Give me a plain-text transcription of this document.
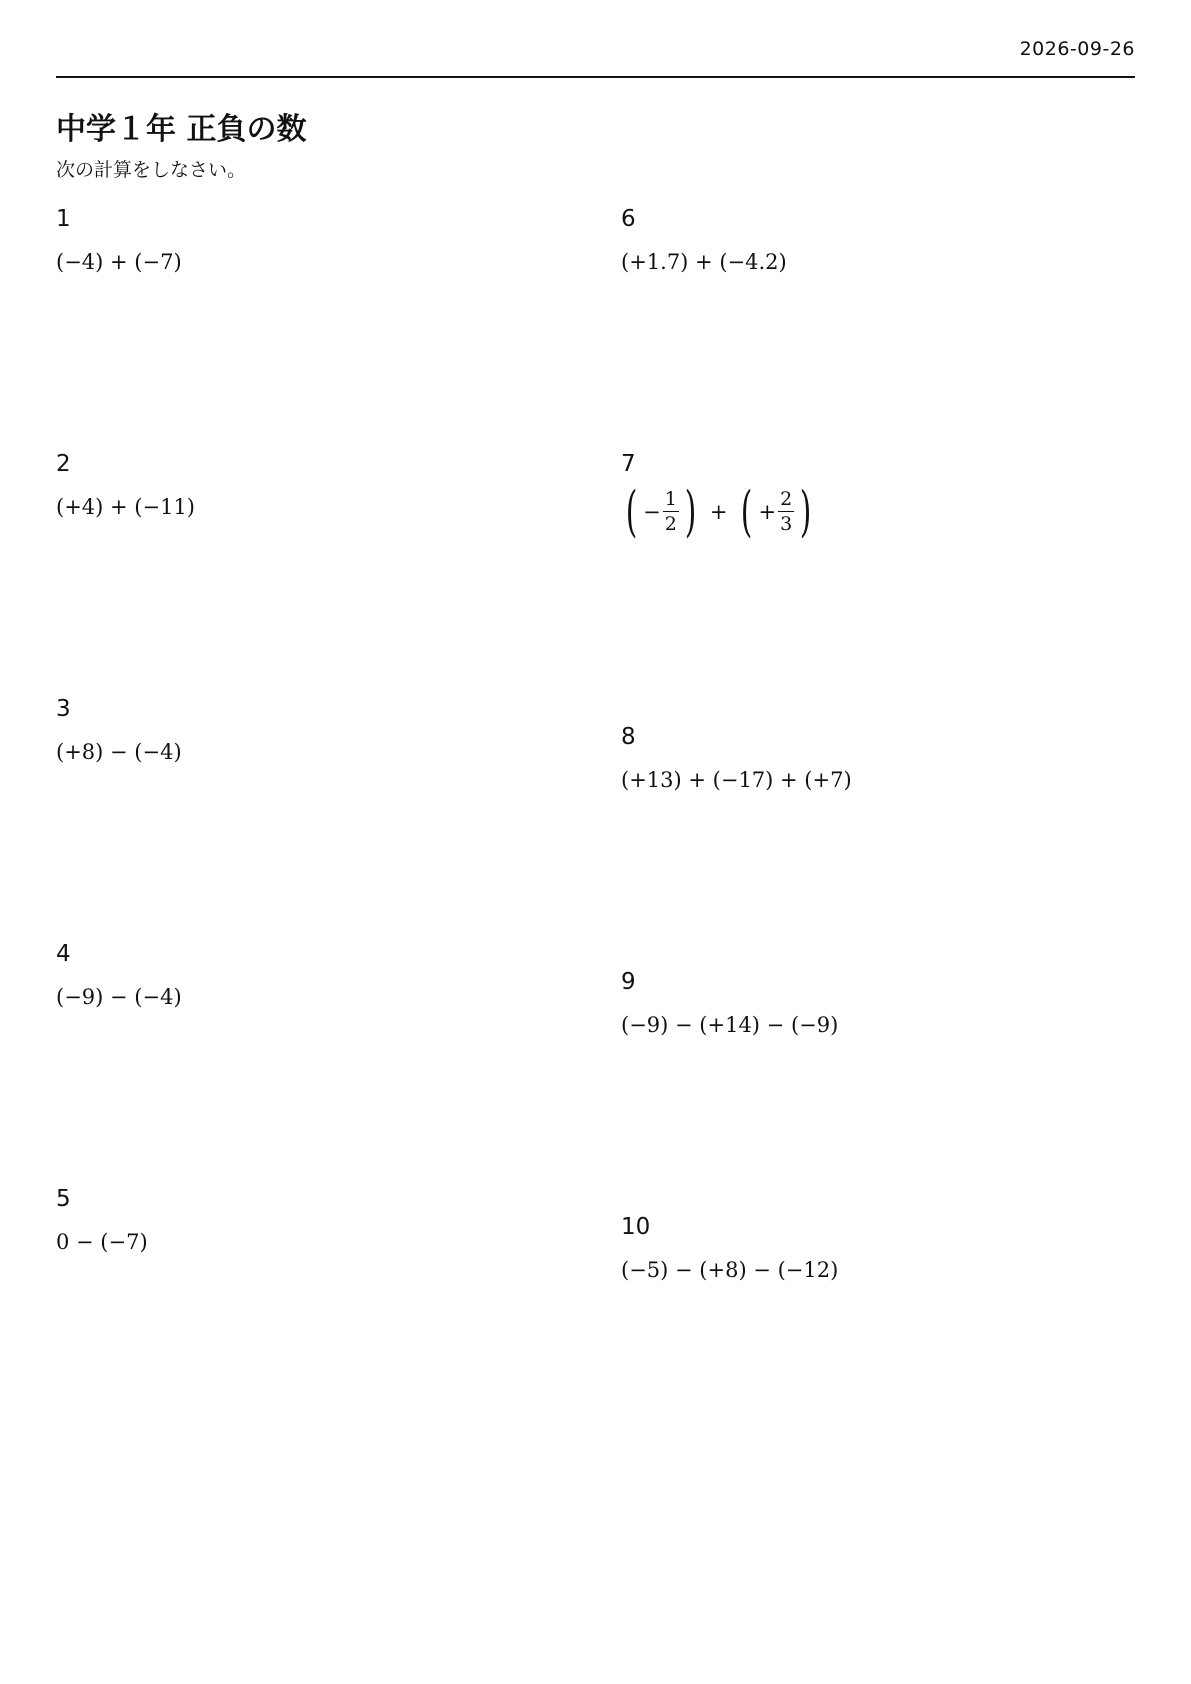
2026-09-26
中学１年 正負の数
次の計算をしなさい。
1
(−4) + (−7)
2
(+4) + (−11)
3
(+8) − (−4)
4
(−9) − (−4)
5
0 − (−7)
6
(+1.7) + (−4.2)
7
( − $\frac{1}{2}$ ) + ( + $\frac{2}{3}$ )
8
(+13) + (−17) + (+7)
9
(−9) − (+14) − (−9)
10
(−5) − (+8) − (−12)
